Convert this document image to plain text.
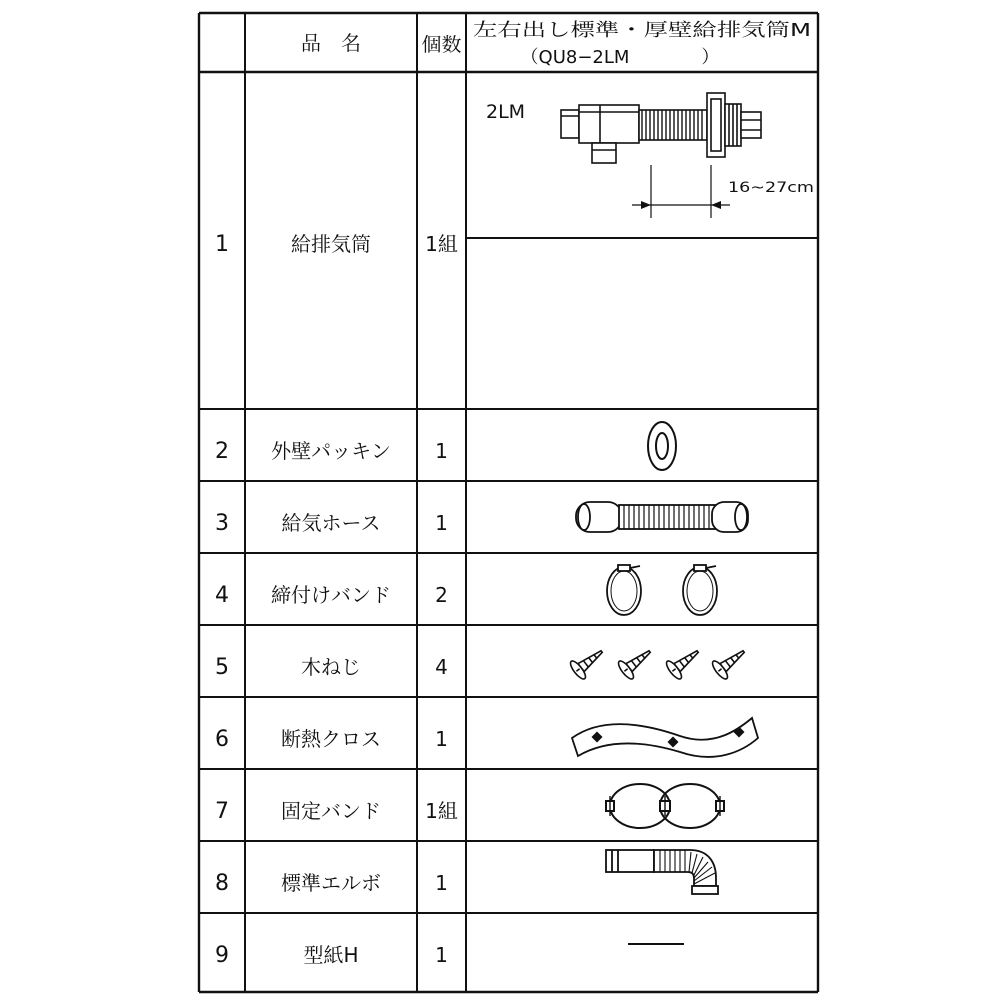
品　名	個数
左右出し標準・厚壁給排気筒M
（QU8−2LM　　　　）
1	給排気筒	1組
2LM
16~27cm
2 外壁パッキン 1
3	給気ホース	1
4 締付けバンド 2
5	木ねじ	4
6	断熱クロス	1
7	固定バンド 1組
8	標準エルボ	1
9	型紙H	1
